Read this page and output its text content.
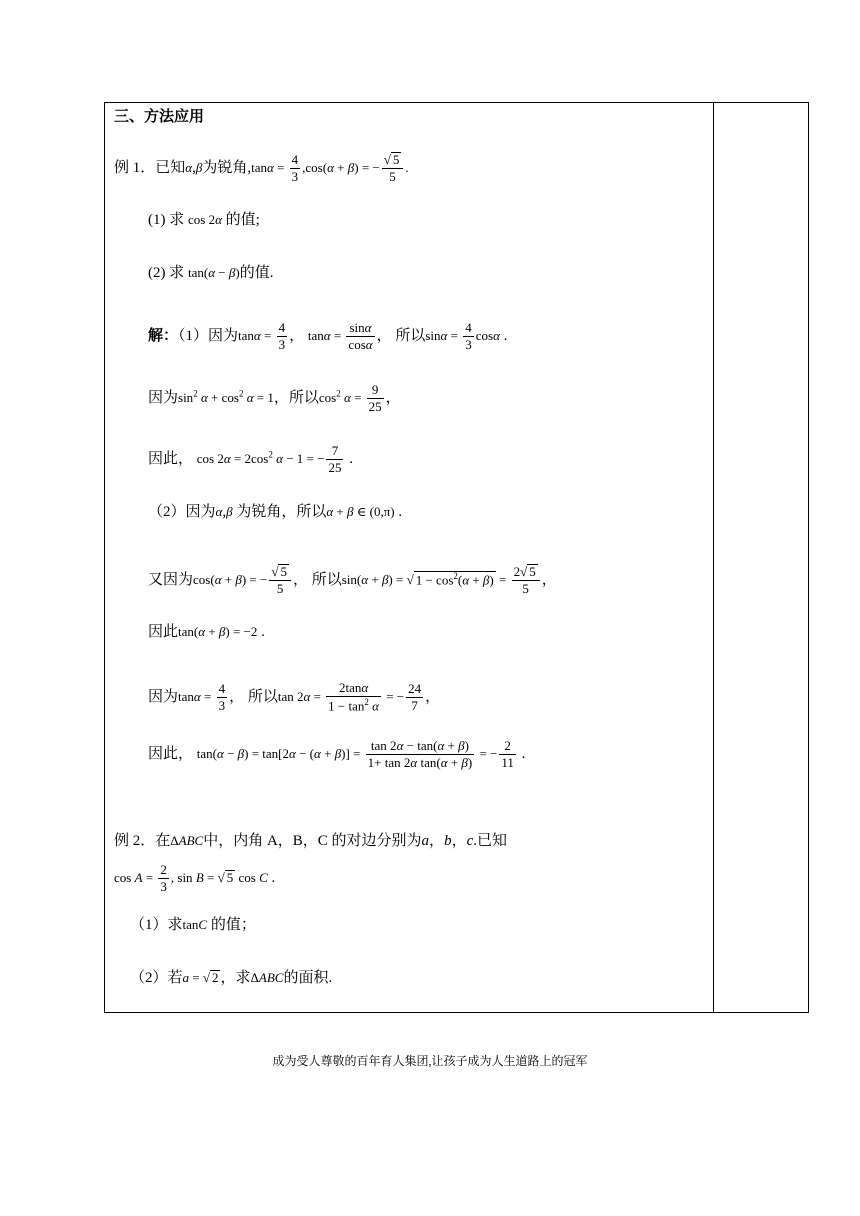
三、方法应用
例 1．已知α,β为锐角$,\tan\alpha = \frac{4}{3} ,\cos(\alpha + \beta)$ = − $\frac{√ 5}{5}$ .
(1) 求 cos 2α 的值;
(2) 求 tan(α − β)的值.
解：（1）因为$\tan\alpha = \frac{4}{3}$ ， $\tan\alpha = \frac{\sin\alpha}{\cos\alpha}$ ， 所以$\sin\alpha = \frac{4}{3}$ cosα .
因为$\sin^2 \alpha + \cos^2 \alpha = 1$，所以$\cos^2 \alpha = \frac{9}{25}$ ，
因此， $\cos 2\alpha = 2\cos^2$ α − 1 = − $\frac{7}{25}$ .
（2）因为α,β 为锐角，所以α + β ∈ (0,π) .
又因为cos(α + β) = − $\frac{√ 5}{5}$ ， 所以sin(α + β) = √ $1 - \cos^2(\alpha + \beta) = \frac{2√ 5}{5}$ ，
因此tan(α + β) = −2 .
因为$\tan\alpha = \frac{4}{3}$ ， 所以$\tan 2\alpha = \frac{2\tan\alpha}{1 - \tan^2 \alpha}$ = − $\frac{24}{7}$ ，
因此， $\tan(\alpha - \beta) = \tan[2\alpha - (\alpha + \beta)] = \frac{\tan 2\alpha - \tan(\alpha + \beta)}{\text{1+ tan 2α tan(α + β)}}$ = − $\frac{2}{11}$ .
例 2．在ΔABC中，内角 A，B，C 的对边分别为a，b，c.已知
$\cos A = \frac{2}{3}$ , sin B = √ 5 cos C .
（1）求tanC 的值；
（2）若a = √ 2 ，求ΔABC的面积.
成为受人尊敬的百年育人集团,让孩子成为人生道路上的冠军
